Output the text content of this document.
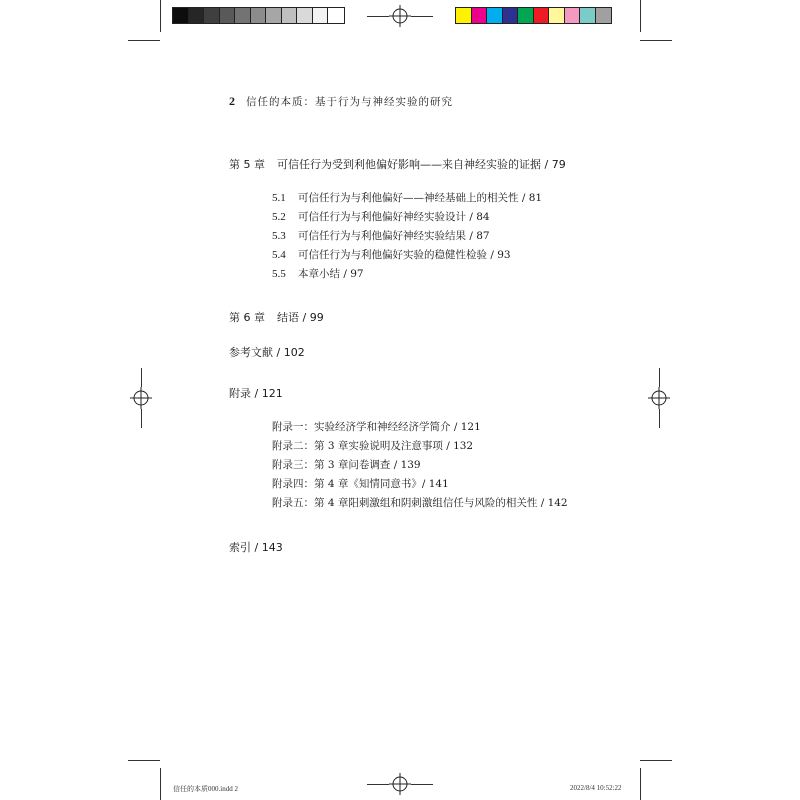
2 信任的本质：基于行为与神经实验的研究
第 5 章 可信任行为受到利他偏好影响——来自神经实验的证据 / 79
5.1 可信任行为与利他偏好——神经基础上的相关性 / 81
5.2 可信任行为与利他偏好神经实验设计 / 84
5.3 可信任行为与利他偏好神经实验结果 / 87
5.4 可信任行为与利他偏好实验的稳健性检验 / 93
5.5 本章小结 / 97
第 6 章 结语 / 99
参考文献 / 102
附录 / 121
附录一：实验经济学和神经经济学简介 / 121
附录二：第 3 章实验说明及注意事项 / 132
附录三：第 3 章问卷调查 / 139
附录四：第 4 章《知情同意书》/ 141
附录五：第 4 章阳刺激组和阴刺激组信任与风险的相关性 / 142
索引 / 143
信任的本质000.indd 2	2022/8/4 10:52:22
